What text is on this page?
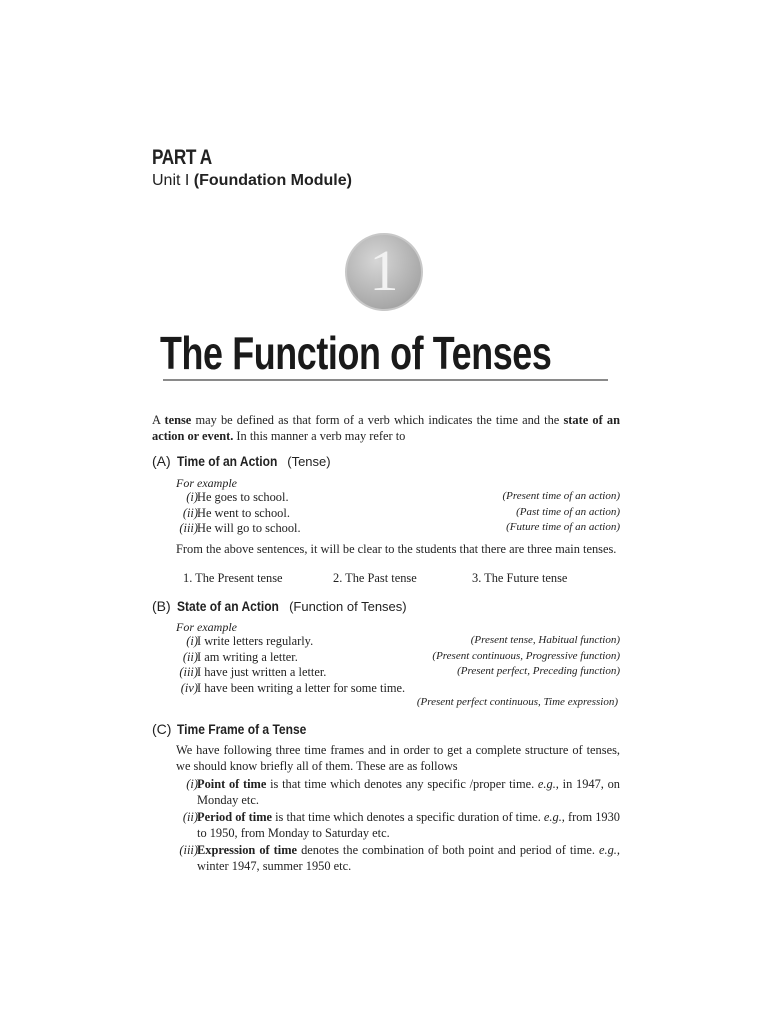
PART A
Unit I (Foundation Module)
1
The Function of Tenses
A tense may be defined as that form of a verb which indicates the time and the state of an action or event. In this manner a verb may refer to
(A) Time of an Action (Tense)
For example
(i) He goes to school.	(Present time of an action)
(ii) He went to school.	(Past time of an action)
(iii) He will go to school.	(Future time of an action)
From the above sentences, it will be clear to the students that there are three main tenses.
1. The Present tense	2. The Past tense	3. The Future tense
(B) State of an Action (Function of Tenses)
For example
(i) I write letters regularly.	(Present tense, Habitual function)
(ii) I am writing a letter.	(Present continuous, Progressive function)
(iii) I have just written a letter.	(Present perfect, Preceding function)
(iv) I have been writing a letter for some time.
(Present perfect continuous, Time expression)
(C) Time Frame of a Tense
We have following three time frames and in order to get a complete structure of tenses, we should know briefly all of them. These are as follows
(i) Point of time is that time which denotes any specific /proper time. e.g., in 1947, on Monday etc.
(ii) Period of time is that time which denotes a specific duration of time. e.g., from 1930 to 1950, from Monday to Saturday etc.
(iii) Expression of time denotes the combination of both point and period of time. e.g., winter 1947, summer 1950 etc.
